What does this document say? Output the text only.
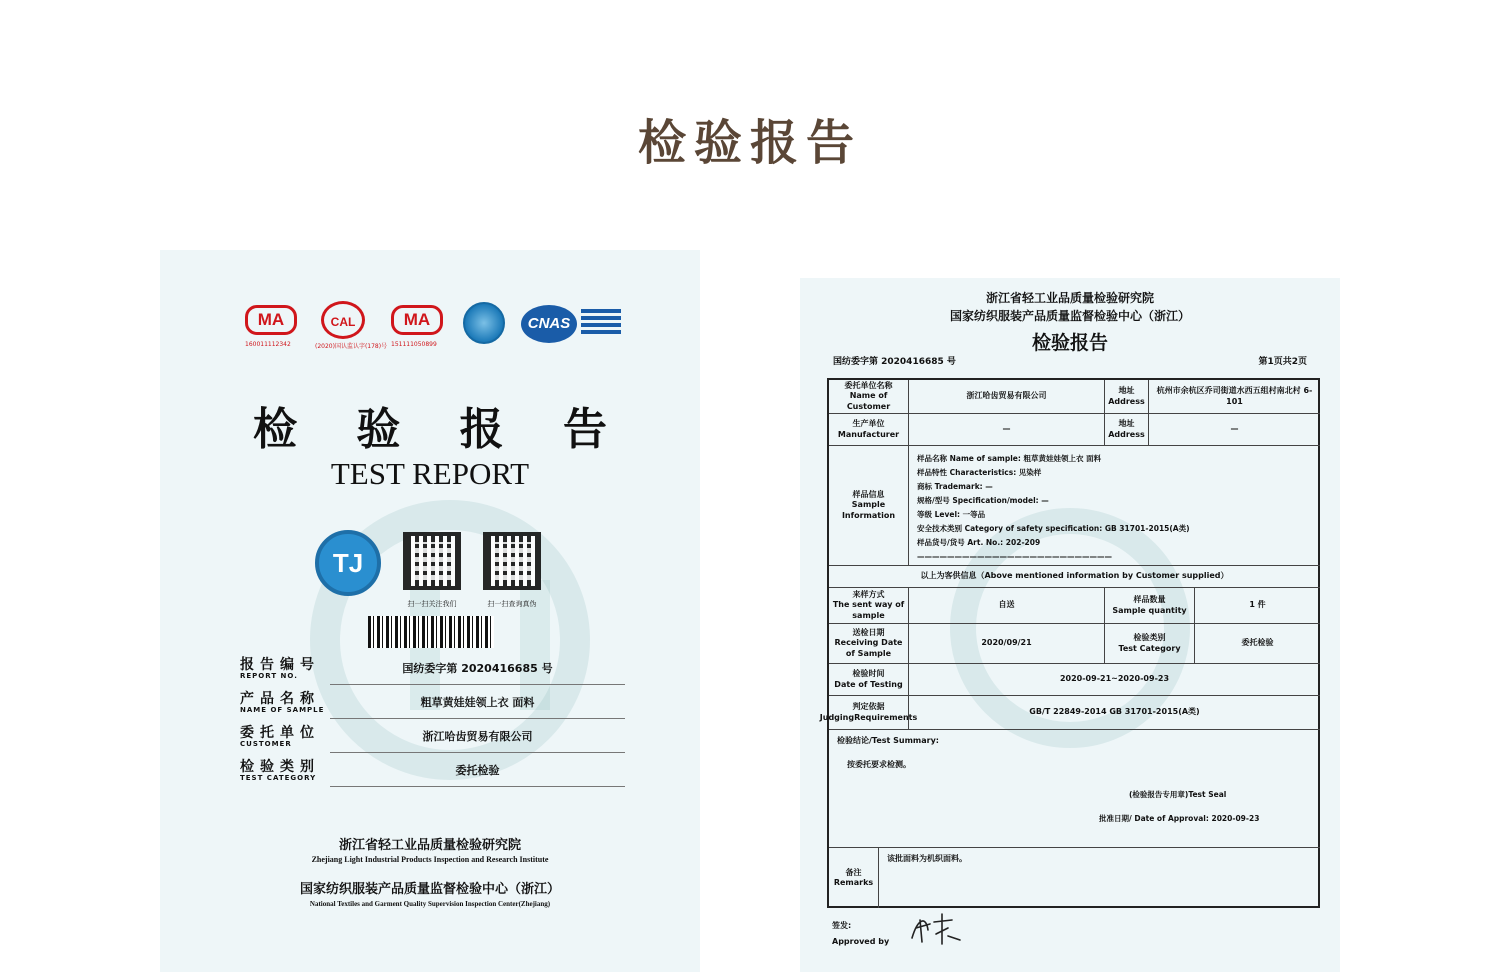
检验报告
MA
160011112342
CAL
(2020)国认监认字(178)号
MA
151111050899
CNAS
检 验 报 告
TEST REPORT
TJ
扫一扫关注我们	扫一扫查询真伪
报告编号
REPORT NO.
国纺委字第 2020416685 号
产品名称
NAME OF SAMPLE
粗草黄娃娃领上衣 面料
委托单位
CUSTOMER
浙江哈齿贸易有限公司
检验类别
TEST CATEGORY
委托检验
浙江省轻工业品质量检验研究院
Zhejiang Light Industrial Products Inspection and Research Institute
国家纺织服装产品质量监督检验中心（浙江）
National Textiles and Garment Quality Supervision Inspection Center(Zhejiang)
浙江省轻工业品质量检验研究院
国家纺织服装产品质量监督检验中心（浙江）
检验报告
国纺委字第 2020416685 号	第1页共2页
委托单位名称
Name of Customer
浙江哈齿贸易有限公司
地址
Address
杭州市余杭区乔司街道水西五组村南北村 6-101
生产单位
Manufacturer
—
地址
Address
—
样品信息
Sample
Information
样品名称 Name of sample: 粗草黄娃娃领上衣 面料
样品特性 Characteristics: 见染样
商标 Trademark: —
规格/型号 Specification/model: —
等级 Level: 一等品
安全技术类别 Category of safety specification: GB 31701-2015(A类)
样品货号/货号 Art. No.: 202-209
——————————————————————————
以上为客供信息（Above mentioned information by Customer supplied）
来样方式
The sent way of sample
自送
样品数量
Sample quantity
1 件
送检日期
Receiving Date of Sample
2020/09/21
检验类别
Test Category
委托检验
检验时间
Date of Testing
2020-09-21~2020-09-23
判定依据
JudgingRequirements
GB/T 22849-2014 GB 31701-2015(A类)
检验结论/Test Summary:
按委托要求检测。
(检验报告专用章)Test Seal
批准日期/ Date of Approval: 2020-09-23
备注
Remarks
该批面料为机织面料。
签发:
Approved by
